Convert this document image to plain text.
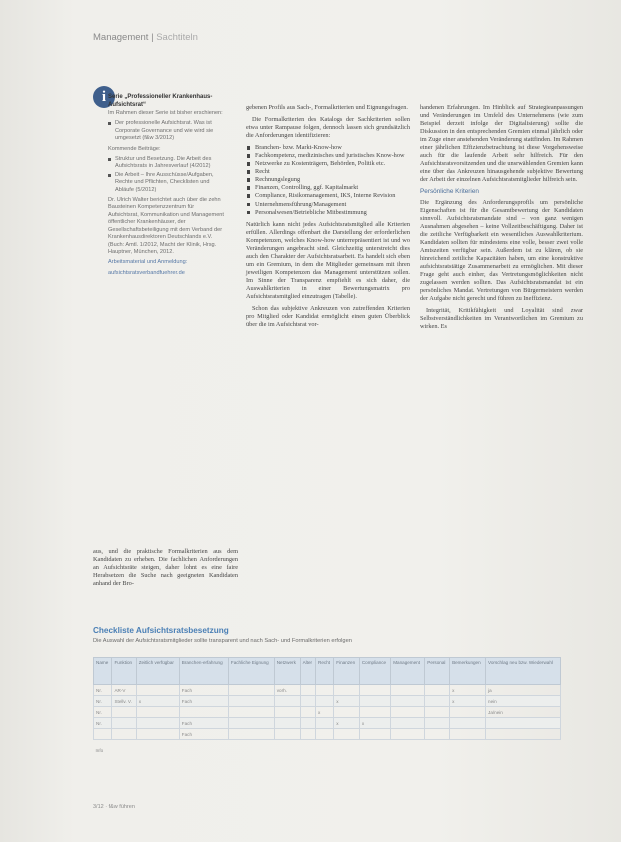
Management | Sachtiteln
i Serie „Professioneller Krankenhaus-Aufsichtsrat“

Im Rahmen dieser Serie ist bisher erschienen:

Der professionelle Aufsichtsrat. Was ist Corporate Governance und wie wird sie umgesetzt (f&w 3/2012)

Kommende Beiträge:

Struktur und Besetzung. Die Arbeit des Aufsichtsrats in Jahresverlauf (4/2012)
Die Arbeit – Ihre Ausschüsse/Aufgaben, Rechte und Pflichten, Checklisten und Abläufe (5/2012)

Dr. Ulrich Walter berichtet auch über die zehn Bausteinen Kompetenzzentrum für Aufsichtsrat, Kommunikation und Management öffentlicher Krankenhäuser, der Gesellschaftsbeteiligung mit dem Verband der Krankenhausdirektoren Deutschlands e.V. (Buch: Amtl. 1/2012, Macht der Klinik, Hrsg. Hauptner, München, 2012.

Arbeitsmaterial und Anmeldung:

aufsichtsratsverbandfuehrer.de

aus, und die praktische Formalkriterien aus dem Kandidaten zu erheben. Die fachlichen Anforderungen an Aufsichtsräte steigen, daher lohnt es eine faire Herabsetzen die Suche nach geeigneten Kandidaten anhand der Bro-

gebenen Profils aus Sach-, Formalkriterien und Eignungsfragen.

Die Formalkriterien des Katalogs der Sachkriterien sollen etwa unter Rampause folgen, dennoch lassen sich grundsätzlich die Anforderungen identifizieren:

Branchen- bzw. Markt-Know-how
Fachkompetenz, medizinisches und juristisches Know-how
Netzwerke zu Kostenträgern, Behörden, Politik etc.
Recht
Rechnungslegung
Finanzen, Controlling, ggf. Kapitalmarkt
Compliance, Risikomanagement, IKS, Interne Revision
Unternehmensführung/Management
Personalwesen/Betriebliche Mitbestimmung

Natürlich kann nicht jedes Aufsichtsratsmitglied alle Kriterien erfüllen. Allerdings offenbart die Darstellung der erforderlichen Kompetenzen, welches Know-how unterrepräsentiert ist und wo Veränderungen angebracht sind. Gleichzeitig unterstreicht dies auch den Charakter der Aufsichtsratsarbeit. Es handelt sich eben um ein Gremium, in dem die Mitglieder gemeinsam mit ihren jeweiligen Kompetenzen das Management unterstützen sollen. Im Sinne der Transparenz empfiehlt es sich daher, die Auswahlkriterien in einer Bewertungsmatrix pro Aufsichtsratsmitglied einzutragen (Tabelle).

Schon das subjektive Ankreuzen von zutreffenden Kriterien pro Mitglied oder Kandidat ermöglicht einen guten Überblick über die im Aufsichtsrat vor-

handenen Erfahrungen. Im Hinblick auf Strategieanpassungen und Veränderungen im Umfeld des Unternehmens (wie zum Beispiel derzeit infolge der Digitalisierung) sollte die Diskussion in den entsprechenden Gremien einmal jährlich oder im Zuge einer anstehenden Veränderung stattfinden. Im Rahmen einer jährlichen Effizienzbetrachtung ist diese Vorgehensweise auch für die laufende Arbeit sehr hilfreich. Für den Aufsichtsratsvorsitzenden und die unsrwählenden Gremien kann eine über das Ankreuzen hinausgehende subjektive Bewertung der Arbeit der einzelnen Aufsichtsratsmitglieder hilfreich sein.

Persönliche Kriterien

Die Ergänzung des Anforderungsprofils um persönliche Eigenschaften ist für die Gesamtbewertung der Kandidaten sinnvoll. Aufsichtsratsmandate sind – von ganz wenigen Ausnahmen abgesehen – keine Vollzeitbeschäftigung. Daher ist die zeitliche Verfügbarkeit ein wesentliches Auswahlkriterium. Kandidaten sollten für mindestens eine volle, besser zwei volle Amtszeiten verfügbar sein. Außerdem ist zu klären, ob sie hinreichend zeitliche Kapazitäten haben, um eine konstruktive aufsichtsratstätige Zusammenarbeit zu ermöglichen. Mit dieser Frage geht auch einher, das Vertretungsmöglichkeiten nicht zugelassen werden sollten. Das Aufsichtsratsmandat ist ein persönliches Mandat. Vertretungen von Bürgermeistern werden der Aufgabe nicht gerecht und führen zu Ineffizienz.

Integrität, Kritikfähigkeit und Loyalität sind zwar Selbstverständlichkeiten im Verantwortlichen im Gremium zu wirken. Es

Checkliste Aufsichtsratsbesetzung
Die Auswahl der Aufsichtsratsmitglieder sollte transparent und nach Sach- und Formalkriterien erfolgen
Name	Funktion	Zeitlich verfügbar	Branchen-erfahrung	Fachliche Eignung	Netzwerk	Alter	Recht	Finanzen	Compliance	Management	Personal	Bemerkungen	Vorschlag neu bzw. Wiederwahl
Nr.	AR-V		Fach		vorh.							x	ja
Nr.	Stellv. V.	x	Fach					x				x	nein
Nr.							x						Ja/nein
Nr.			Fach					x	x				
			Fach										
Info													
3/12 · f&w führen
